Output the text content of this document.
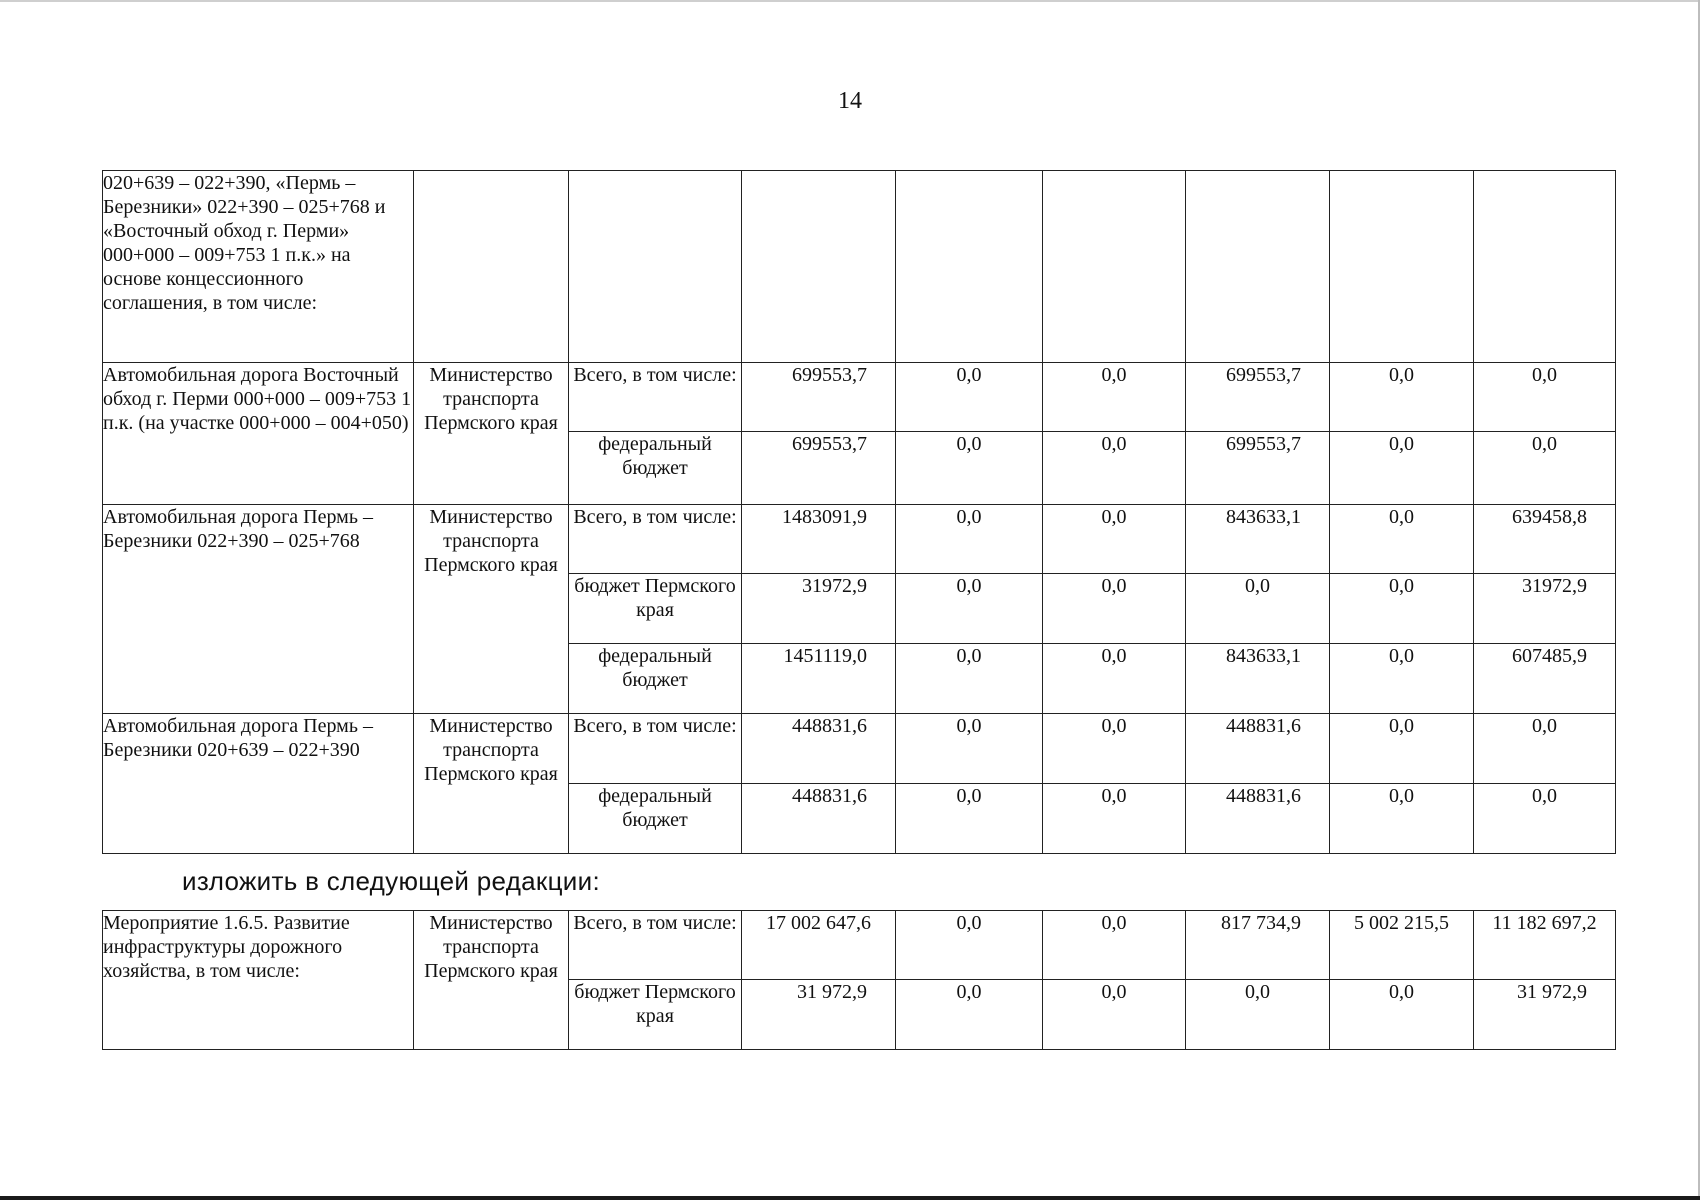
14
020+639 – 022+390, «Пермь – Березники» 022+390 – 025+768 и «Восточный обход г. Перми» 000+000 – 009+753 1 п.к.» на основе концессионного соглашения, в том числе:								
Автомобильная дорога Восточный обход г. Перми 000+000 – 009+753 1 п.к. (на участке 000+000 – 004+050)	Министерство транспорта Пермского края	Всего, в том числе:	699553,7	0,0	0,0	699553,7	0,0	0,0
		федеральный бюджет	699553,7	0,0	0,0	699553,7	0,0	0,0
Автомобильная дорога Пермь – Березники 022+390 – 025+768	Министерство транспорта Пермского края	Всего, в том числе:	1483091,9	0,0	0,0	843633,1	0,0	639458,8
		бюджет Пермского края	31972,9	0,0	0,0	0,0	0,0	31972,9
		федеральный бюджет	1451119,0	0,0	0,0	843633,1	0,0	607485,9
Автомобильная дорога Пермь – Березники 020+639 – 022+390	Министерство транспорта Пермского края	Всего, в том числе:	448831,6	0,0	0,0	448831,6	0,0	0,0
		федеральный бюджет	448831,6	0,0	0,0	448831,6	0,0	0,0
изложить в следующей редакции:
Мероприятие 1.6.5. Развитие инфраструктуры дорожного хозяйства, в том числе:	Министерство транспорта Пермского края	Всего, в том числе:	17 002 647,6	0,0	0,0	817 734,9	5 002 215,5	11 182 697,2
		бюджет Пермского края	31 972,9	0,0	0,0	0,0	0,0	31 972,9
